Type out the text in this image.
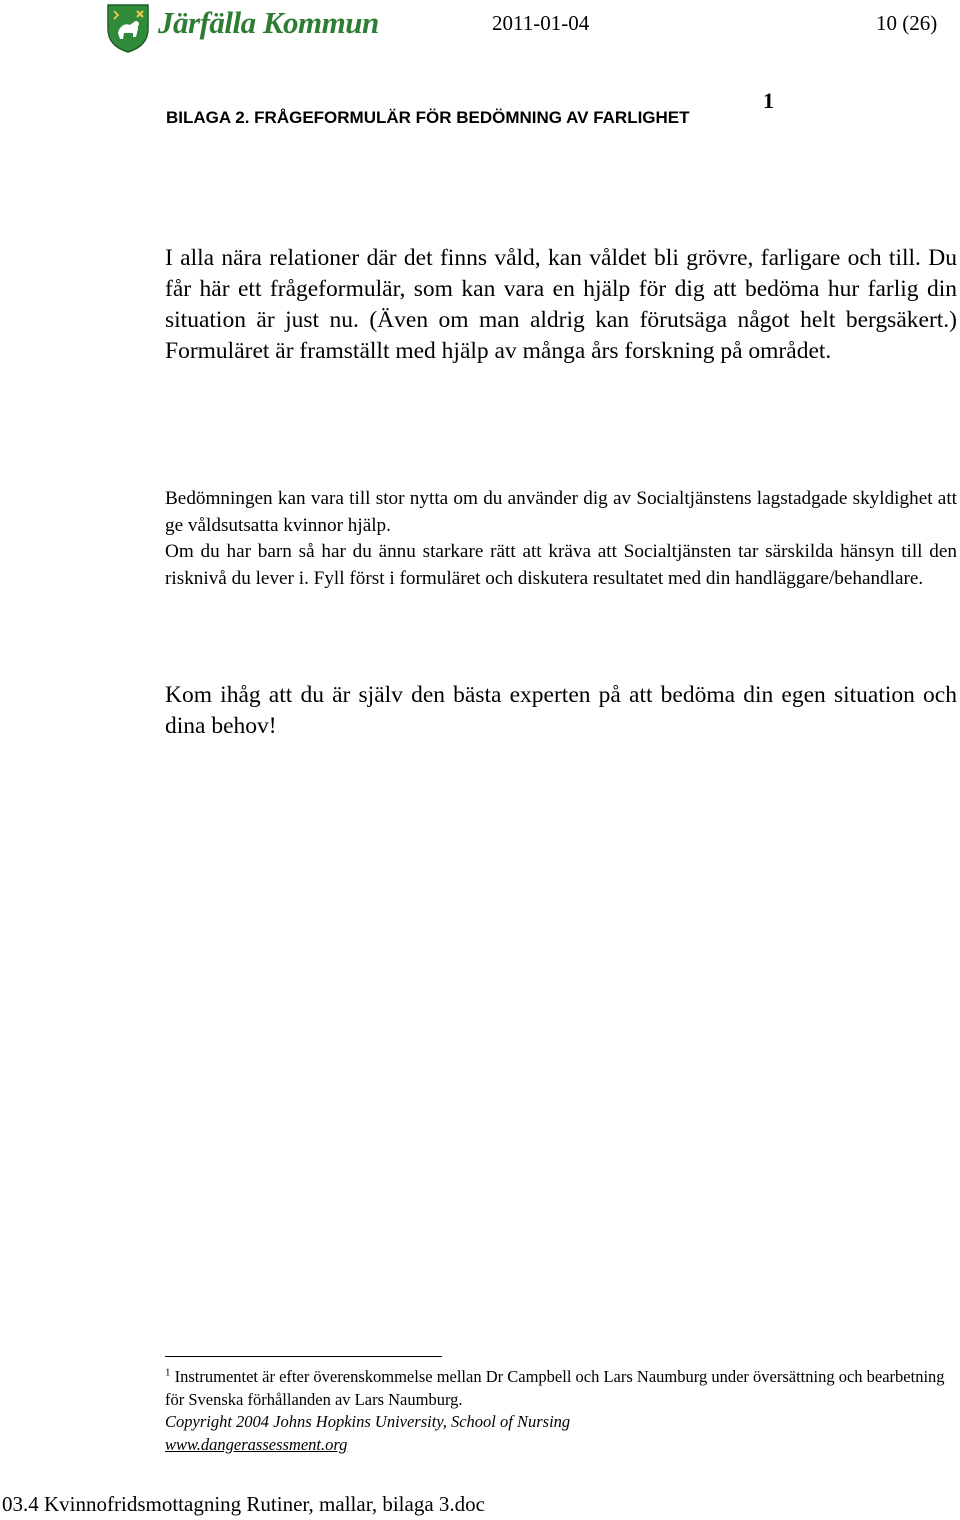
Järfälla Kommun	2011-01-04	10 (26)
BILAGA 2. FRÅGEFORMULÄR FÖR BEDÖMNING AV FARLIGHET
1
I alla nära relationer där det finns våld, kan våldet bli grövre, farligare och till. Du får här ett frågeformulär, som kan vara en hjälp för dig att bedöma hur farlig din situation är just nu. (Även om man aldrig kan förutsäga något helt bergsäkert.) Formuläret är framställt med hjälp av många års forskning på området.
Bedömningen kan vara till stor nytta om du använder dig av Socialtjänstens lagstadgade skyldighet att ge våldsutsatta kvinnor hjälp.
Om du har barn så har du ännu starkare rätt att kräva att Socialtjänsten tar särskilda hänsyn till den risknivå du lever i. Fyll först i formuläret och diskutera resultatet med din handläggare/behandlare.
Kom ihåg att du är själv den bästa experten på att bedöma din egen situation och dina behov!

$^1$ Instrumentet är efter överenskommelse mellan Dr Campbell och Lars Naumburg under översättning och bearbetning för Svenska förhållanden av Lars Naumburg.

Copyright 2004 Johns Hopkins University, School of Nursing

www.dangerassessment.org

03.4 Kvinnofridsmottagning Rutiner, mallar, bilaga 3.doc
